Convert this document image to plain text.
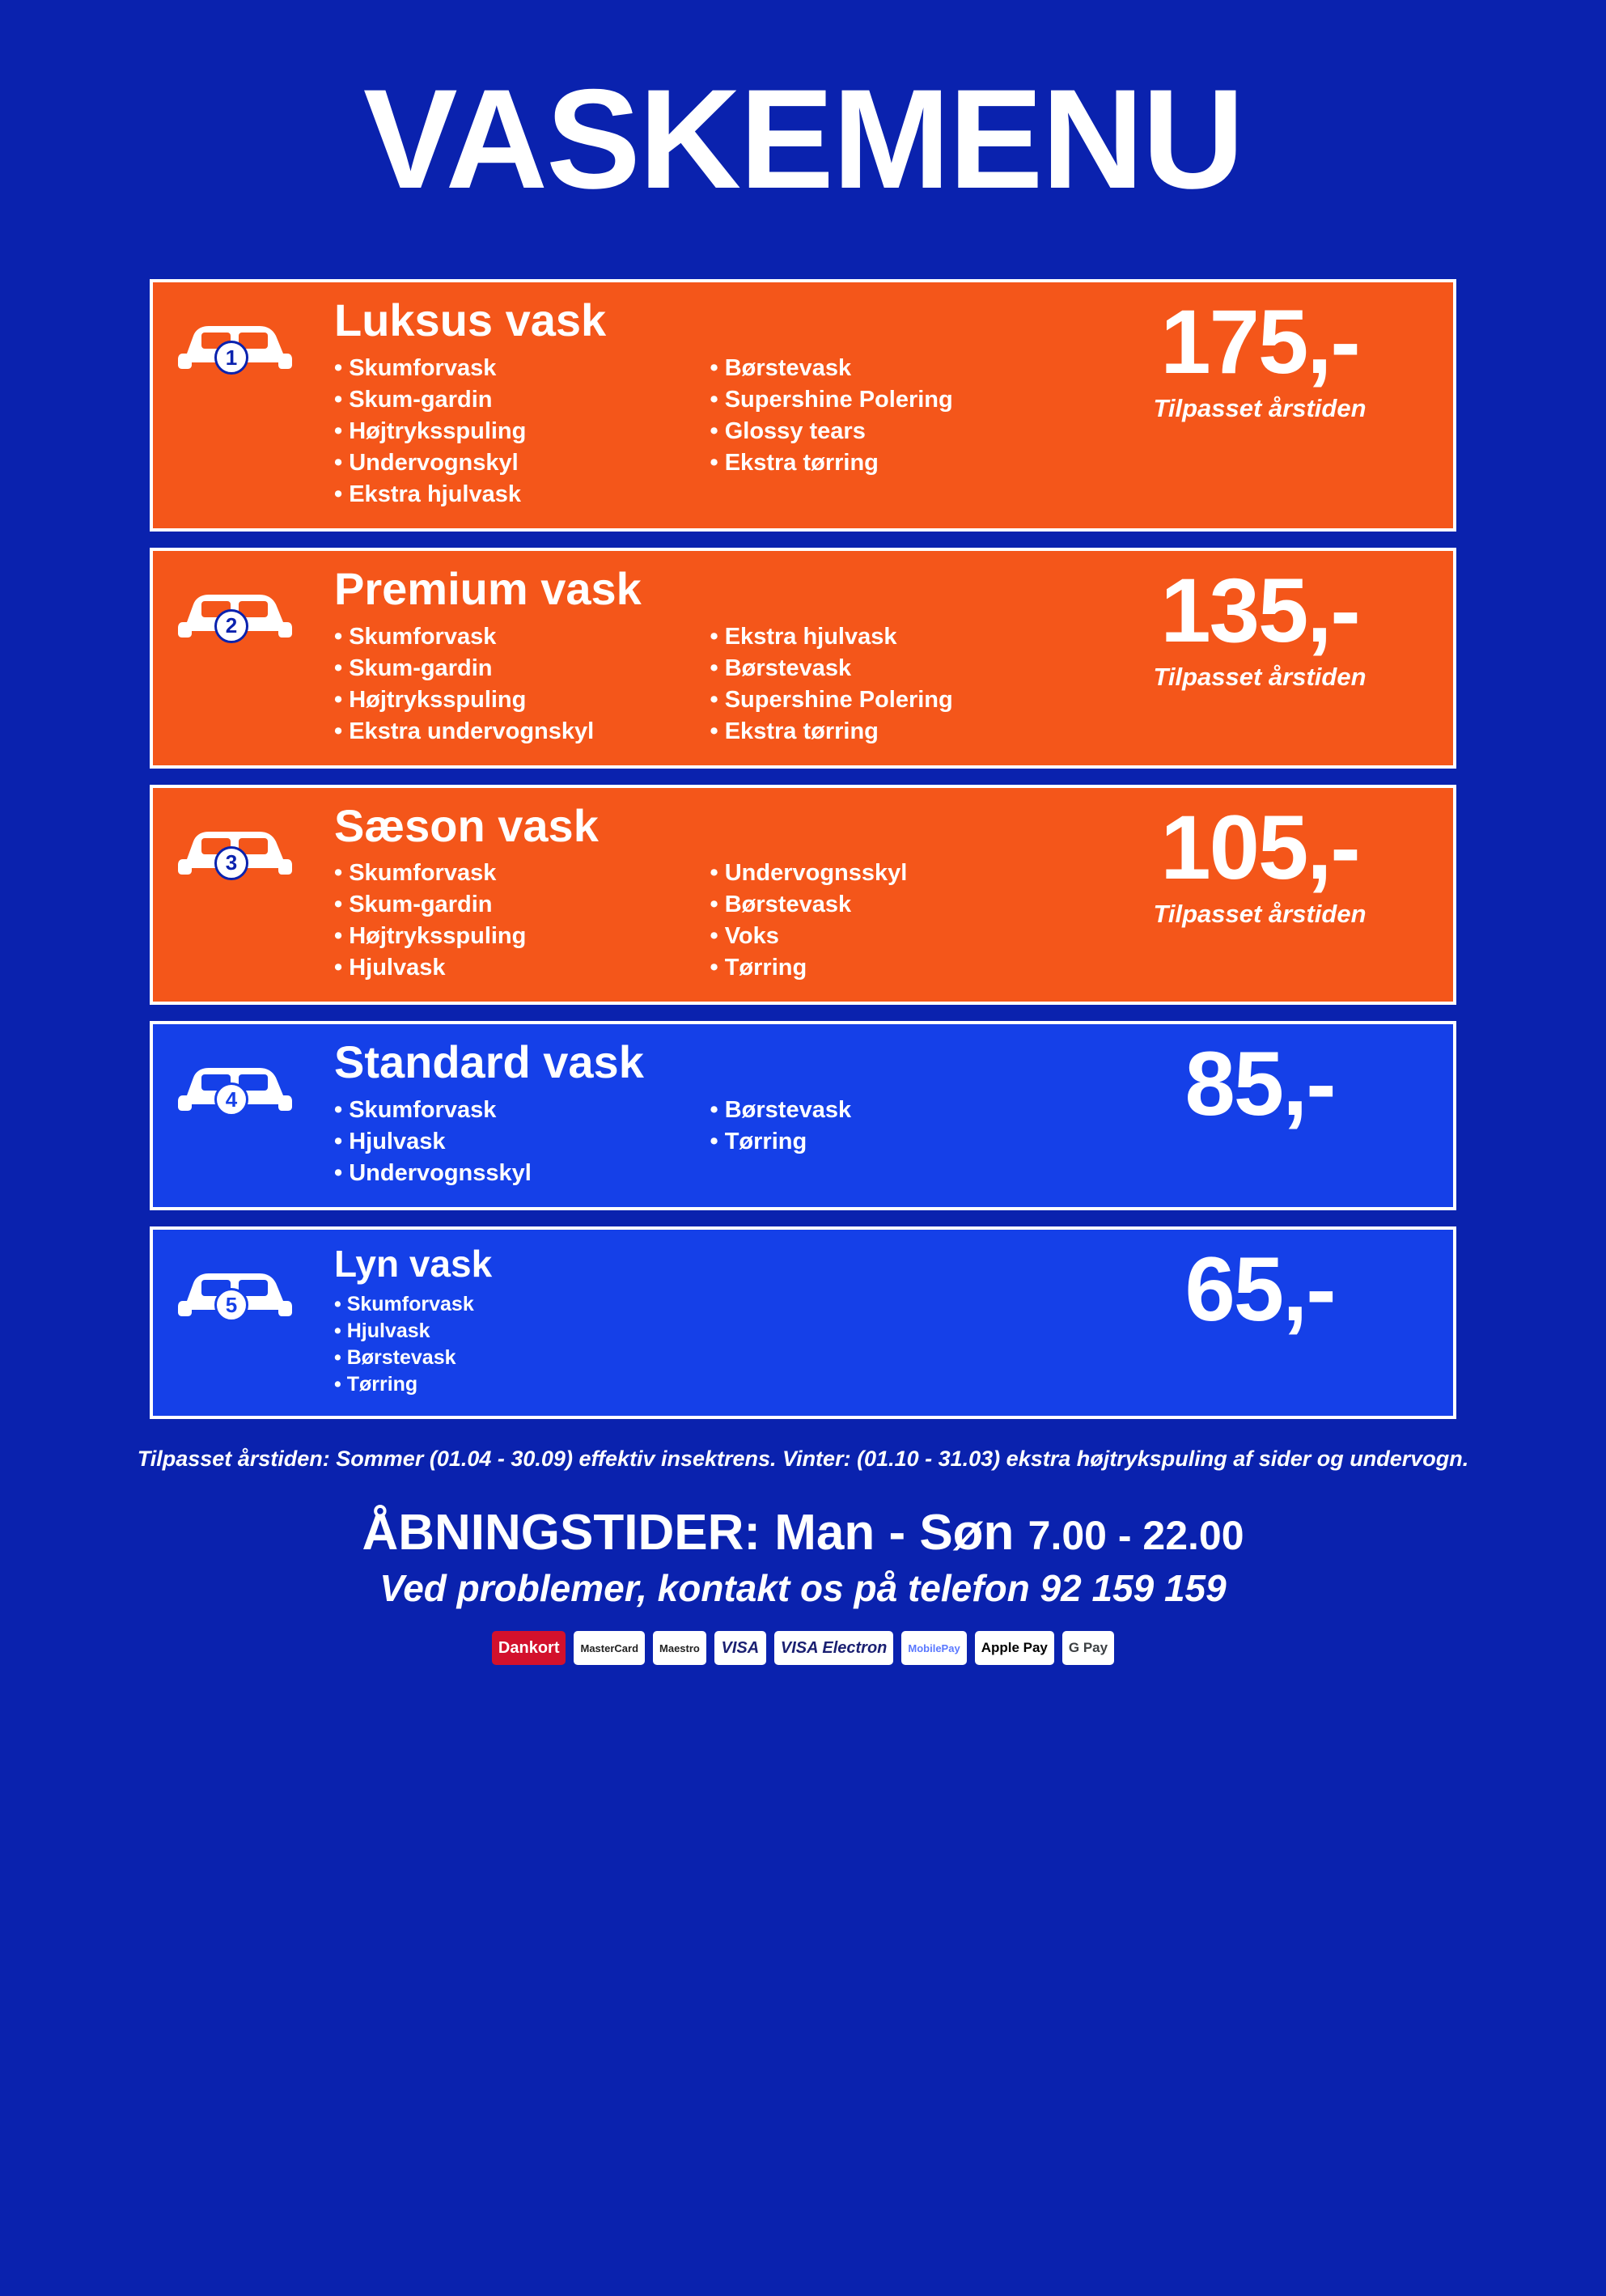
VASKEMENU
1
Luksus vask
• Skumforvask
• Skum-gardin
• Højtryksspuling
• Undervognskyl
• Ekstra hjulvask
• Børstevask
• Supershine Polering
• Glossy tears
• Ekstra tørring
175,-
Tilpasset årstiden
2
Premium vask
• Skumforvask
• Skum-gardin
• Højtryksspuling
• Ekstra undervognskyl
• Ekstra hjulvask
• Børstevask
• Supershine Polering
• Ekstra tørring
135,-
Tilpasset årstiden
3
Sæson vask
• Skumforvask
• Skum-gardin
• Højtryksspuling
• Hjulvask
• Undervognsskyl
• Børstevask
• Voks
• Tørring
105,-
Tilpasset årstiden
4
Standard vask
• Skumforvask
• Hjulvask
• Undervognsskyl
• Børstevask
• Tørring
85,-
5
Lyn vask
• Skumforvask
• Hjulvask
• Børstevask
• Tørring
65,-
Tilpasset årstiden: Sommer (01.04 - 30.09) effektiv insektrens. Vinter: (01.10 - 31.03) ekstra højtrykspuling af sider og undervogn.
ÅBNINGSTIDER: Man - Søn 7.00 - 22.00
Ved problemer, kontakt os på telefon 92 159 159
Dankort	MasterCard	Maestro	VISA	VISA Electron	MobilePay	Apple Pay	G Pay
